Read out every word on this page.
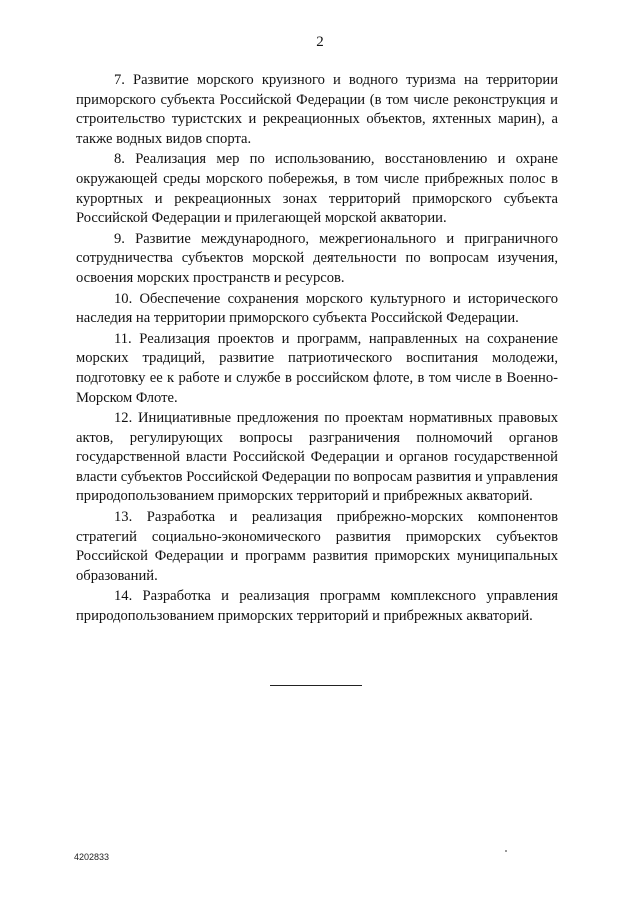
2

7. Развитие морского круизного и водного туризма на территории приморского субъекта Российской Федерации (в том числе реконструкция и строительство туристских и рекреационных объектов, яхтенных марин), а также водных видов спорта.

8. Реализация мер по использованию, восстановлению и охране окружающей среды морского побережья, в том числе прибрежных полос в курортных и рекреационных зонах территорий приморского субъекта Российской Федерации и прилегающей морской акватории.

9. Развитие международного, межрегионального и приграничного сотрудничества субъектов морской деятельности по вопросам изучения, освоения морских пространств и ресурсов.

10. Обеспечение сохранения морского культурного и исторического наследия на территории приморского субъекта Российской Федерации.

11. Реализация проектов и программ, направленных на сохранение морских традиций, развитие патриотического воспитания молодежи, подготовку ее к работе и службе в российском флоте, в том числе в Военно-Морском Флоте.

12. Инициативные предложения по проектам нормативных правовых актов, регулирующих вопросы разграничения полномочий органов государственной власти Российской Федерации и органов государственной власти субъектов Российской Федерации по вопросам развития и управления природопользованием приморских территорий и прибрежных акваторий.

13. Разработка и реализация прибрежно-морских компонентов стратегий социально-экономического развития приморских субъектов Российской Федерации и программ развития приморских муниципальных образований.

14. Разработка и реализация программ комплексного управления природопользованием приморских территорий и прибрежных акваторий.

4202833
